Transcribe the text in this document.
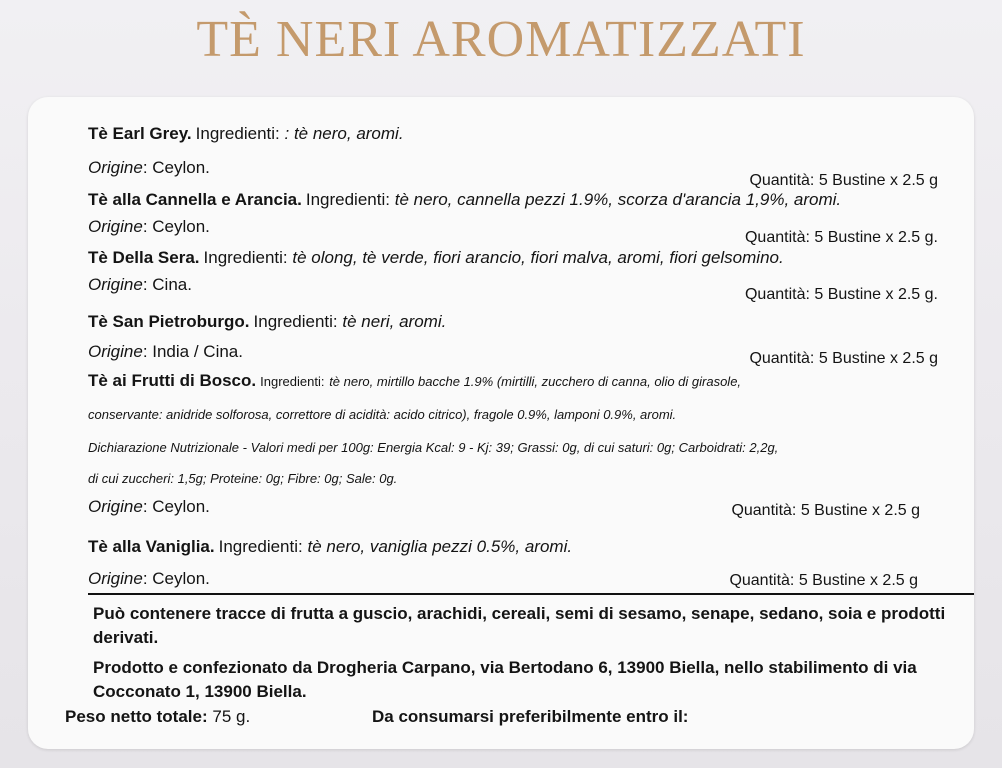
TÈ NERI AROMATIZZATI
Tè Earl Grey. Ingredienti: : tè nero, aromi.
Origine: Ceylon.
Quantità: 5 Bustine x 2.5 g
Tè alla Cannella e Arancia. Ingredienti: tè nero, cannella pezzi 1.9%, scorza d'arancia 1,9%, aromi.
Origine: Ceylon.
Quantità: 5 Bustine x 2.5 g.
Tè Della Sera. Ingredienti: tè olong, tè verde, fiori arancio, fiori malva, aromi, fiori gelsomino.
Origine: Cina.
Quantità: 5 Bustine x 2.5 g.
Tè San Pietroburgo. Ingredienti: tè neri, aromi.
Origine: India / Cina.	Quantità: 5 Bustine x 2.5 g
Tè ai Frutti di Bosco. Ingredienti: tè nero, mirtillo bacche 1.9% (mirtilli, zucchero di canna, olio di girasole,
conservante: anidride solforosa, correttore di acidità: acido citrico), fragole 0.9%, lamponi 0.9%, aromi.
Dichiarazione Nutrizionale - Valori medi per 100g: Energia Kcal: 9 - Kj: 39; Grassi: 0g, di cui saturi: 0g; Carboidrati: 2,2g,
di cui zuccheri: 1,5g; Proteine: 0g; Fibre: 0g; Sale: 0g.
Origine: Ceylon.	Quantità: 5 Bustine x 2.5 g
Tè alla Vaniglia. Ingredienti: tè nero, vaniglia pezzi 0.5%, aromi.
Origine: Ceylon.	Quantità: 5 Bustine x 2.5 g
Può contenere tracce di frutta a guscio, arachidi, cereali, semi di sesamo, senape, sedano, soia e prodotti derivati.
Prodotto e confezionato da Drogheria Carpano, via Bertodano 6, 13900 Biella, nello stabilimento di via Cocconato 1, 13900 Biella.
Peso netto totale: 75 g.	Da consumarsi preferibilmente entro il:
